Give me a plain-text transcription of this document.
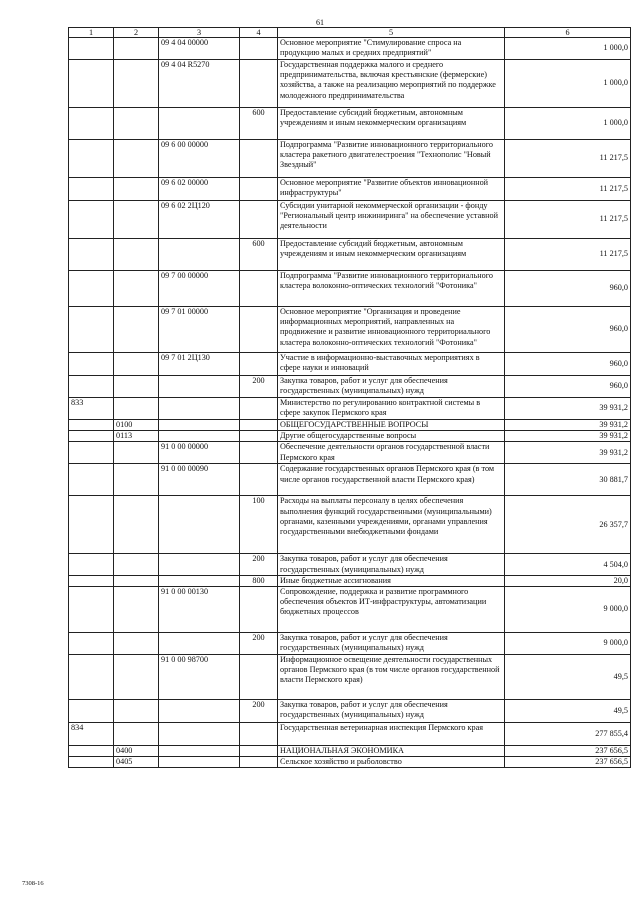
61
1	2	3	4	5	6
		09 4 04 00000		Основное мероприятие "Стимулирование спроса на продукцию малых и средних предприятий"	1 000,0
		09 4 04 R5270		Государственная поддержка малого и среднего предпринимательства, включая крестьянские (фермерские) хозяйства, а также на реализацию мероприятий по поддержке молодежного предпринимательства	1 000,0
			600	Предоставление субсидий бюджетным, автономным учреждениям и иным некоммерческим организациям	1 000,0
		09 6 00 00000		Подпрограмма "Развитие инновационного территориального кластера ракетного двигателестроения "Технополис "Новый Звездный"	11 217,5
		09 6 02 00000		Основное мероприятие "Развитие объектов инновационной инфраструктуры"	11 217,5
		09 6 02 2Ц120		Субсидии унитарной некоммерческой организации - фонду "Региональный центр инжиниринга" на обеспечение уставной деятельности	11 217,5
			600	Предоставление субсидий бюджетным, автономным учреждениям и иным некоммерческим организациям	11 217,5
		09 7 00 00000		Подпрограмма "Развитие инновационного территориального кластера волоконно-оптических технологий "Фотоника"	960,0
		09 7 01 00000		Основное мероприятие "Организация и проведение информационных мероприятий, направленных на продвижение и развитие инновационного территориального кластера волоконно-оптических технологий "Фотоника"	960,0
		09 7 01 2Ц130		Участие в информационно-выставочных мероприятиях в сфере науки и инноваций	960,0
			200	Закупка товаров, работ и услуг для обеспечения государственных (муниципальных) нужд	960,0
833				Министерство по регулированию контрактной системы в сфере закупок Пермского края	39 931,2
	0100			ОБЩЕГОСУДАРСТВЕННЫЕ ВОПРОСЫ	39 931,2
	0113			Другие общегосударственные вопросы	39 931,2
		91 0 00 00000		Обеспечение деятельности органов государственной власти Пермского края	39 931,2
		91 0 00 00090		Содержание государственных органов Пермского края (в том числе органов государственной власти Пермского края)	30 881,7
			100	Расходы на выплаты персоналу в целях обеспечения выполнения функций государственными (муниципальными) органами, казенными учреждениями, органами управления государственными внебюджетными фондами	26 357,7
			200	Закупка товаров, работ и услуг для обеспечения государственных (муниципальных) нужд	4 504,0
			800	Иные бюджетные ассигнования	20,0
		91 0 00 00130		Сопровождение, поддержка и развитие программного обеспечения объектов ИТ-инфраструктуры, автоматизации бюджетных процессов	9 000,0
			200	Закупка товаров, работ и услуг для обеспечения государственных (муниципальных) нужд	9 000,0
		91 0 00 98700		Информационное освещение деятельности государственных органов Пермского края (в том числе органов государственной власти Пермского края)	49,5
			200	Закупка товаров, работ и услуг для обеспечения государственных (муниципальных) нужд	49,5
834				Государственная ветеринарная инспекция Пермского края	277 855,4
	0400			НАЦИОНАЛЬНАЯ ЭКОНОМИКА	237 656,5
	0405			Сельское хозяйство и рыболовство	237 656,5
7308-16
